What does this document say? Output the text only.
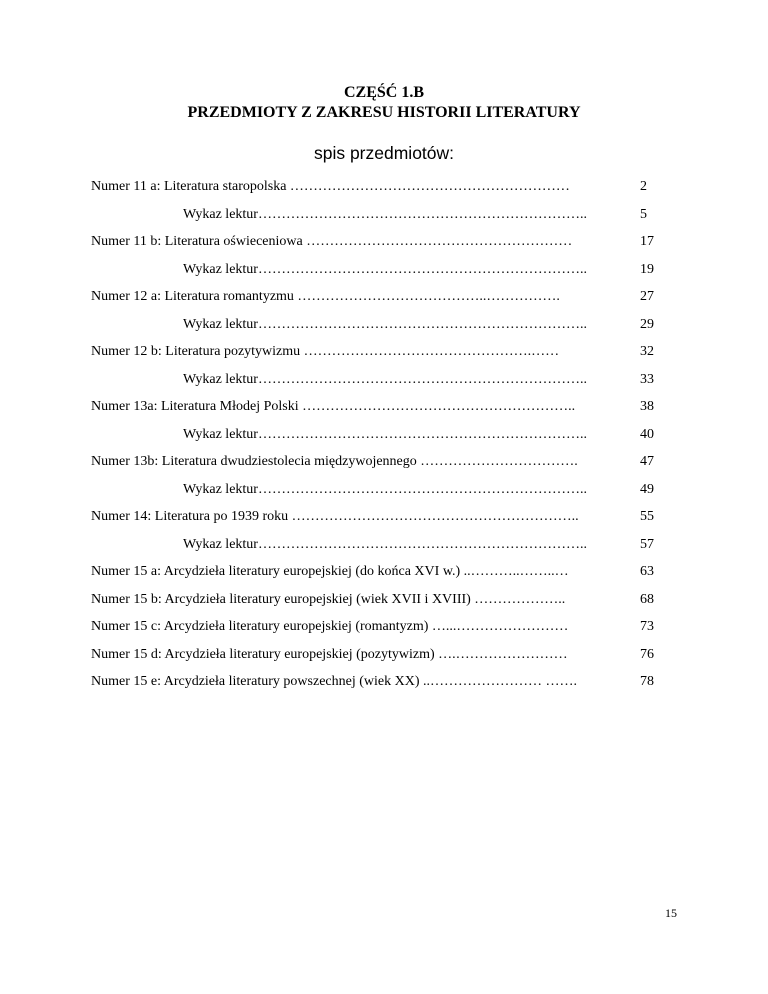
CZĘŚĆ 1.B
PRZEDMIOTY Z ZAKRESU HISTORII LITERATURY
spis przedmiotów:
Numer 11 a: Literatura staropolska ……………………………………………………	2
Wykaz lektur……………………………………………………………..	5
Numer 11 b: Literatura oświeceniowa …………………………………………………	17
Wykaz lektur……………………………………………………………..	19
Numer 12 a: Literatura romantyzmu …………………………………..…………….	27
Wykaz lektur……………………………………………………………..	29
Numer 12 b: Literatura pozytywizmu ………………………………………….……	32
Wykaz lektur……………………………………………………………..	33
Numer 13a: Literatura Młodej Polski …………………………………………………..	38
Wykaz lektur……………………………………………………………..	40
Numer 13b: Literatura dwudziestolecia międzywojennego …………………………….	47
Wykaz lektur……………………………………………………………..	49
Numer 14: Literatura po 1939 roku ……………………………………………………..	55
Wykaz lektur……………………………………………………………..	57
Numer 15 a: Arcydzieła literatury europejskiej (do końca XVI w.) ..………..……..…	63
Numer 15 b: Arcydzieła literatury europejskiej (wiek XVII i XVIII) ………………..	68
Numer 15 c: Arcydzieła literatury europejskiej (romantyzm) …...……………………	73
Numer 15 d: Arcydzieła literatury europejskiej (pozytywizm) ….……………………	76
Numer 15 e: Arcydzieła literatury powszechnej (wiek XX) ..…………………… …….	78
15
